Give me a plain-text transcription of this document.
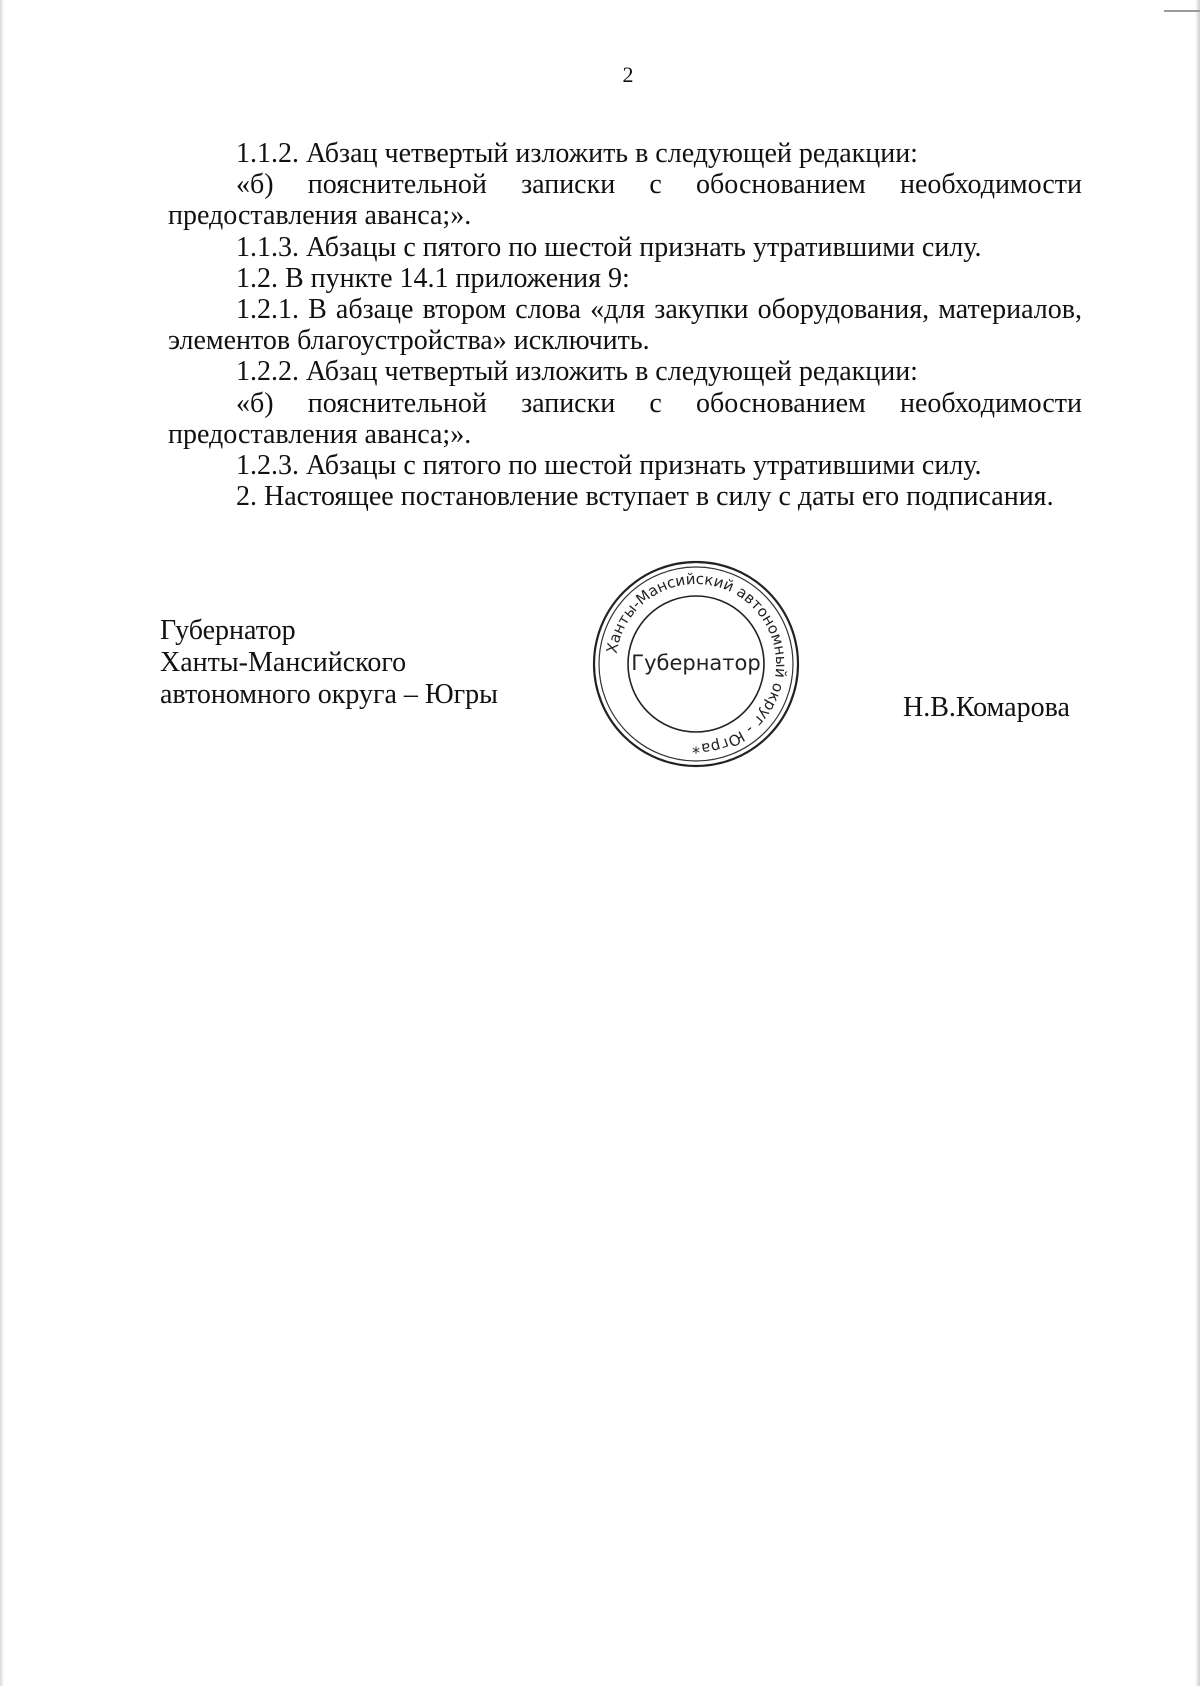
2

1.1.2. Абзац четвертый изложить в следующей редакции:

«б) пояснительной записки с обоснованием необходимости предоставления аванса;».

1.1.3. Абзацы с пятого по шестой признать утратившими силу.

1.2. В пункте 14.1 приложения 9:

1.2.1. В абзаце втором слова «для закупки оборудования, материалов, элементов благоустройства» исключить.

1.2.2. Абзац четвертый изложить в следующей редакции:

«б) пояснительной записки с обоснованием необходимости предоставления аванса;».

1.2.3. Абзацы с пятого по шестой признать утратившими силу.

2. Настоящее постановление вступает в силу с даты его подписания.

Губернатор
Ханты-Мансийского
автономного округа – Югры
Ханты-Мансийский автономный округ - Югра
Губернатор
*
Н.В.Комарова
